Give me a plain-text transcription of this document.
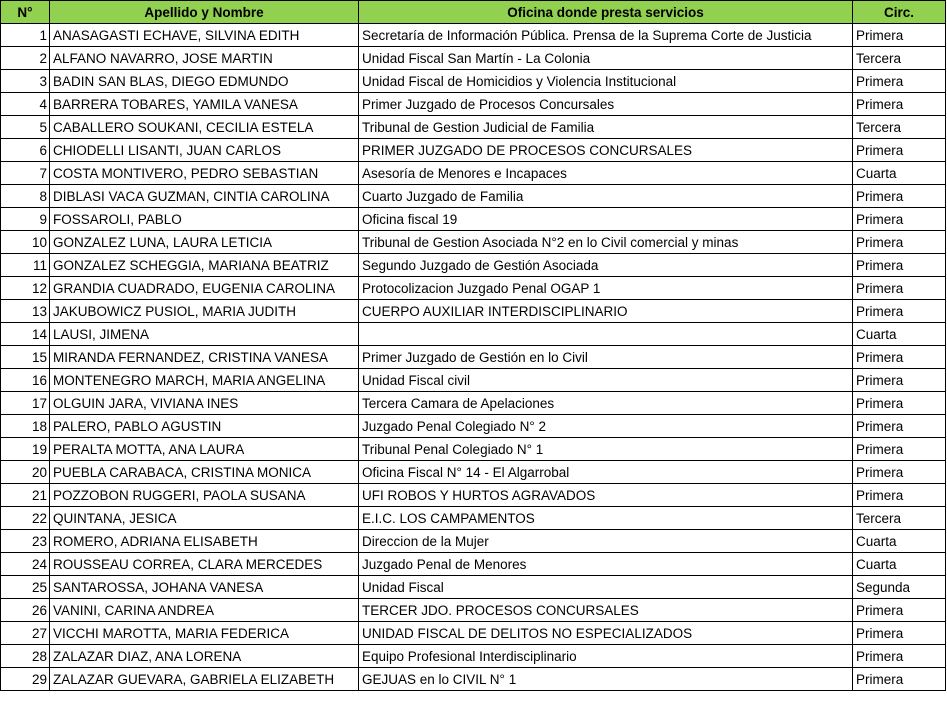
N°	Apellido y Nombre	Oficina donde presta servicios	Circ.
1	ANASAGASTI ECHAVE, SILVINA EDITH	Secretaría de Información Pública. Prensa de la Suprema Corte de Justicia	Primera
2	ALFANO NAVARRO, JOSE MARTIN	Unidad Fiscal San Martín - La Colonia	Tercera
3	BADIN SAN BLAS, DIEGO EDMUNDO	Unidad Fiscal de Homicidios y Violencia Institucional	Primera
4	BARRERA TOBARES, YAMILA VANESA	Primer Juzgado de Procesos Concursales	Primera
5	CABALLERO SOUKANI, CECILIA ESTELA	Tribunal de Gestion Judicial de Familia	Tercera
6	CHIODELLI LISANTI, JUAN CARLOS	PRIMER JUZGADO DE PROCESOS CONCURSALES	Primera
7	COSTA MONTIVERO, PEDRO SEBASTIAN	Asesoría de Menores e Incapaces	Cuarta
8	DIBLASI VACA GUZMAN, CINTIA CAROLINA	Cuarto Juzgado de Familia	Primera
9	FOSSAROLI, PABLO	Oficina fiscal 19	Primera
10	GONZALEZ LUNA, LAURA LETICIA	Tribunal de Gestion Asociada N°2 en lo Civil comercial y minas	Primera
11	GONZALEZ SCHEGGIA, MARIANA BEATRIZ	Segundo Juzgado de Gestión Asociada	Primera
12	GRANDIA CUADRADO, EUGENIA CAROLINA	Protocolizacion Juzgado Penal OGAP 1	Primera
13	JAKUBOWICZ PUSIOL, MARIA JUDITH	CUERPO AUXILIAR INTERDISCIPLINARIO	Primera
14	LAUSI, JIMENA		Cuarta
15	MIRANDA FERNANDEZ, CRISTINA VANESA	Primer Juzgado de Gestión en lo Civil	Primera
16	MONTENEGRO MARCH, MARIA ANGELINA	Unidad Fiscal civil	Primera
17	OLGUIN JARA, VIVIANA INES	Tercera Camara de Apelaciones	Primera
18	PALERO, PABLO AGUSTIN	Juzgado Penal Colegiado N° 2	Primera
19	PERALTA MOTTA, ANA LAURA	Tribunal Penal Colegiado N° 1	Primera
20	PUEBLA CARABACA, CRISTINA MONICA	Oficina Fiscal N° 14 - El Algarrobal	Primera
21	POZZOBON RUGGERI, PAOLA SUSANA	UFI ROBOS Y HURTOS AGRAVADOS	Primera
22	QUINTANA, JESICA	E.I.C. LOS CAMPAMENTOS	Tercera
23	ROMERO, ADRIANA ELISABETH	Direccion de la Mujer	Cuarta
24	ROUSSEAU CORREA, CLARA MERCEDES	Juzgado Penal de Menores	Cuarta
25	SANTAROSSA, JOHANA VANESA	Unidad Fiscal	Segunda
26	VANINI, CARINA ANDREA	TERCER JDO. PROCESOS CONCURSALES	Primera
27	VICCHI MAROTTA, MARIA FEDERICA	UNIDAD FISCAL DE DELITOS NO ESPECIALIZADOS	Primera
28	ZALAZAR DIAZ, ANA LORENA	Equipo Profesional Interdisciplinario	Primera
29	ZALAZAR GUEVARA, GABRIELA ELIZABETH	GEJUAS en lo CIVIL N° 1	Primera
